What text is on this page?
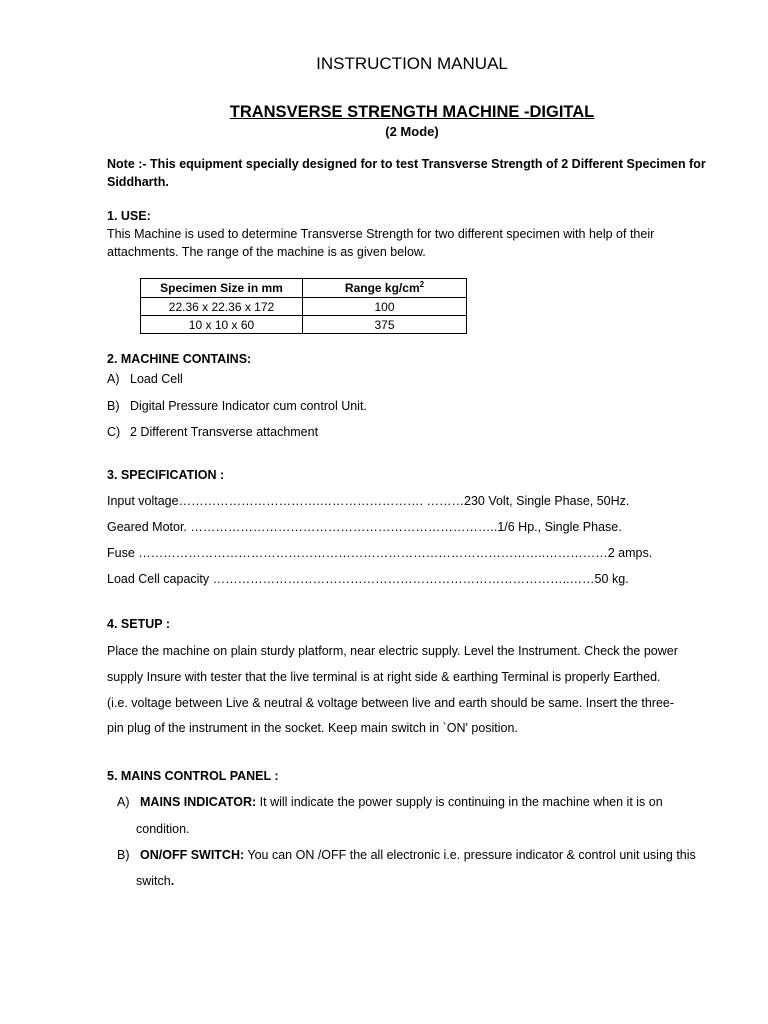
INSTRUCTION MANUAL
TRANSVERSE STRENGTH MACHINE -DIGITAL
(2 Mode)
Note :- This equipment specially designed for to test Transverse Strength of 2 Different Specimen for
Siddharth.
1. USE:
This Machine is used to determine Transverse Strength for two different specimen with help of their
attachments. The range of the machine is as given below.
Specimen Size in mm	Range $kg/cm^2$
22.36 x 22.36 x 172	100
10 x 10 x 60	375
2. MACHINE CONTAINS:
A) Load Cell
B) Digital Pressure Indicator cum control Unit.
C) 2 Different Transverse attachment
3. SPECIFICATION :
Input voltage…………………………….……………………. ………230 Volt, Single Phase, 50Hz.
Geared Motor. ………………………………………………………………..1/6 Hp., Single Phase.
Fuse ……………………………………………………………………………………..……………2 amps.
Load Cell capacity …………………………………………………………………………..……50 kg.
4. SETUP :
Place the machine on plain sturdy platform, near electric supply. Level the Instrument. Check the power
supply Insure with tester that the live terminal is at right side & earthing Terminal is properly Earthed.
(i.e. voltage between Live & neutral & voltage between live and earth should be same. Insert the three-
pin plug of the instrument in the socket. Keep main switch in `ON' position.
5. MAINS CONTROL PANEL :
A) MAINS INDICATOR: It will indicate the power supply is continuing in the machine when it is on
condition.
B) ON/OFF SWITCH: You can ON /OFF the all electronic i.e. pressure indicator & control unit using this
switch.
